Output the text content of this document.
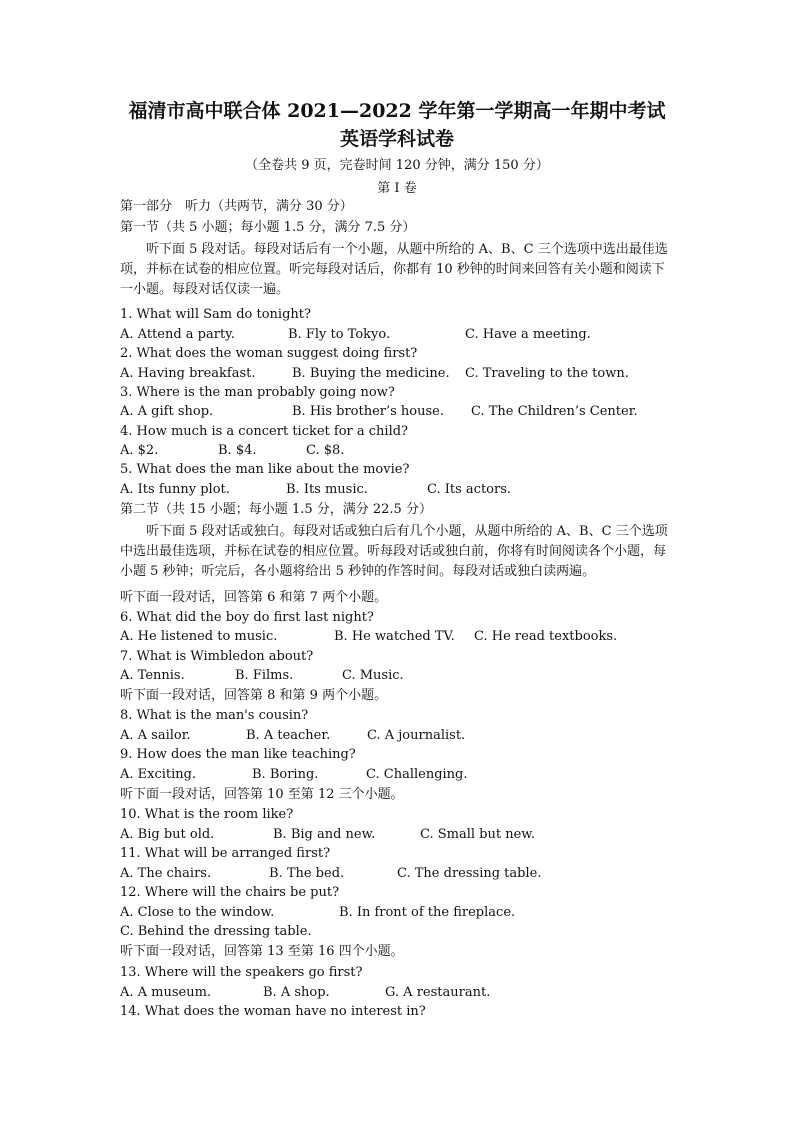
福清市高中联合体 2021—2022 学年第一学期高一年期中考试
英语学科试卷
（全卷共 9 页，完卷时间 120 分钟，满分 150 分）
第 I 卷
第一部分　听力（共两节，满分 30 分）
第一节（共 5 小题；每小题 1.5 分，满分 7.5 分）
听下面 5 段对话。每段对话后有一个小题，从题中所给的 A、B、C 三个选项中选出最佳选项，并标在试卷的相应位置。听完每段对话后，你都有 10 秒钟的时间来回答有关小题和阅读下一小题。每段对话仅读一遍。
1. What will Sam do tonight?
A. Attend a party.	B. Fly to Tokyo.	C. Have a meeting.
2. What does the woman suggest doing first?
A. Having breakfast.	B. Buying the medicine. C. Traveling to the town.
3. Where is the man probably going now?
A. A gift shop.	B. His brother’s house. C. The Children’s Center.
4. How much is a concert ticket for a child?
A. $2.	B. $4.	C. $8.
5. What does the man like about the movie?
A. Its funny plot.	B. Its music.	C. Its actors.
第二节（共 15 小题；每小题 1.5 分，满分 22.5 分）
听下面 5 段对话或独白。每段对话或独白后有几个小题，从题中所给的 A、B、C 三个选项中选出最佳选项，并标在试卷的相应位置。听每段对话或独白前，你将有时间阅读各个小题，每小题 5 秒钟；听完后，各小题将给出 5 秒钟的作答时间。每段对话或独白读两遍。
听下面一段对话，回答第 6 和第 7 两个小题。
6. What did the boy do first last night?
A. He listened to music.	B. He watched TV. C. He read textbooks.
7. What is Wimbledon about?
A. Tennis.	B. Films.	C. Music.
听下面一段对话，回答第 8 和第 9 两个小题。
8. What is the man's cousin?
A. A sailor.	B. A teacher.	C. A journalist.
9. How does the man like teaching?
A. Exciting.	B. Boring.	C. Challenging.
听下面一段对话，回答第 10 至第 12 三个小题。
10. What is the room like?
A. Big but old.	B. Big and new.	C. Small but new.
11. What will be arranged first?
A. The chairs.	B. The bed.	C. The dressing table.
12. Where will the chairs be put?
A. Close to the window.	B. In front of the fireplace.
C. Behind the dressing table.
听下面一段对话，回答第 13 至第 16 四个小题。
13. Where will the speakers go first?
A. A museum.	B. A shop.	G. A restaurant.
14. What does the woman have no interest in?
